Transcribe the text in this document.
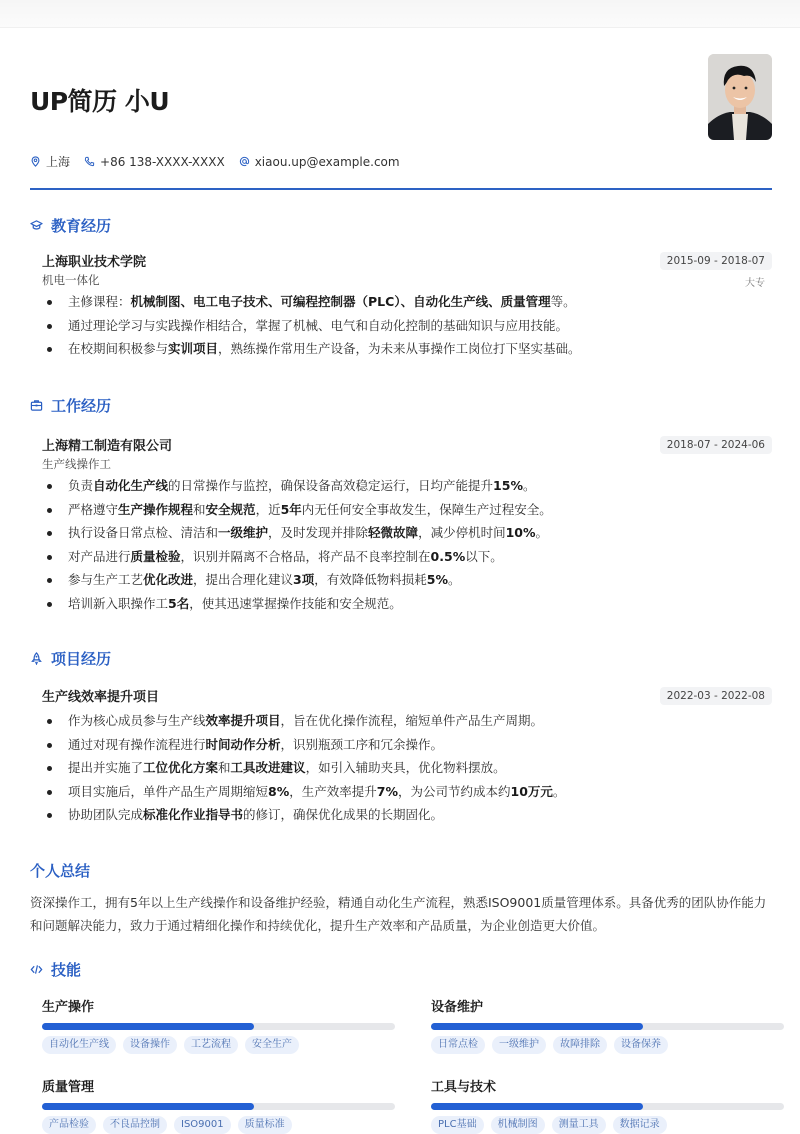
UP简历 小U
上海	+86 138-XXXX-XXXX	xiaou.up@example.com
教育经历
上海职业技术学院
机电一体化
2015-09 - 2018-07
大专
主修课程：机械制图、电工电子技术、可编程控制器（PLC）、自动化生产线、质量管理等。
通过理论学习与实践操作相结合，掌握了机械、电气和自动化控制的基础知识与应用技能。
在校期间积极参与实训项目，熟练操作常用生产设备，为未来从事操作工岗位打下坚实基础。
工作经历
上海精工制造有限公司
生产线操作工
2018-07 - 2024-06
负责自动化生产线的日常操作与监控，确保设备高效稳定运行，日均产能提升15%。
严格遵守生产操作规程和安全规范，近5年内无任何安全事故发生，保障生产过程安全。
执行设备日常点检、清洁和一级维护，及时发现并排除轻微故障，减少停机时间10%。
对产品进行质量检验，识别并隔离不合格品，将产品不良率控制在0.5%以下。
参与生产工艺优化改进，提出合理化建议3项，有效降低物料损耗5%。
培训新入职操作工5名，使其迅速掌握操作技能和安全规范。
项目经历
生产线效率提升项目	2022-03 - 2022-08
作为核心成员参与生产线效率提升项目，旨在优化操作流程，缩短单件产品生产周期。
通过对现有操作流程进行时间动作分析，识别瓶颈工序和冗余操作。
提出并实施了工位优化方案和工具改进建议，如引入辅助夹具，优化物料摆放。
项目实施后，单件产品生产周期缩短8%，生产效率提升7%，为公司节约成本约10万元。
协助团队完成标准化作业指导书的修订，确保优化成果的长期固化。
个人总结
资深操作工，拥有5年以上生产线操作和设备维护经验，精通自动化生产流程，熟悉ISO9001质量管理体系。具备优秀的团队协作能力和问题解决能力，致力于通过精细化操作和持续优化，提升生产效率和产品质量，为企业创造更大价值。
技能
生产操作
自动化生产线	设备操作	工艺流程	安全生产
设备维护
日常点检	一级维护	故障排除	设备保养
质量管理
产品检验	不良品控制	ISO9001	质量标准
工具与技术
PLC基础	机械制图	测量工具	数据记录
